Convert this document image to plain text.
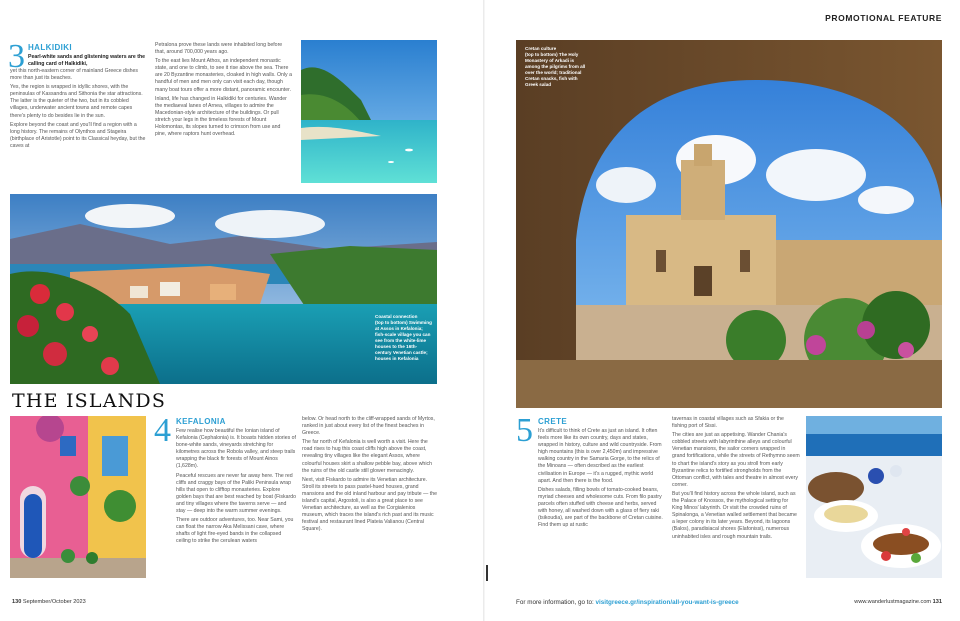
PROMOTIONAL FEATURE
3 HALKIDIKI
Pearl-white sands and glistening waters are the calling card of Halkidiki,

yet this north-eastern corner of mainland Greece dishes more than just its beaches.

Yes, the region is wrapped in idyllic shores, with the peninsulas of Kassandra and Sithonia the star attractions. The latter is the quieter of the two, but in its cobbled villages, underwater ancient towns and remote capes there's plenty to do besides lie in the sun.

Explore beyond the coast and you'll find a region with a long history. The remains of Olynthos and Stageira (birthplace of Aristotle) point to its Classical heyday, but the caves at

Petralona prove these lands were inhabited long before that, around 700,000 years ago.

To the east lies Mount Athos, an independent monastic state, and one to climb, to see it rise above the sea. There are 20 Byzantine monasteries, cloaked in high walls. Only a handful of men and men only can visit each day, though many boat tours offer a more distant, panoramic encounter.

Inland, life has changed in Halkidiki for centuries. Wander the mediaeval lanes of Arnea, villages to admire the Macedonian-style architecture of the buildings. Or pull stretch your legs in the timeless forests of Mount Holomontas, its slopes turned to crimson from use and pine, where raptors hunt overhead.

Coastal connection
(top to bottom) Swimming at Assos in Kefalonia; fish-scale village you can see from the white-lime houses to the 16th-century Venetian castle; houses in Kefalonia
THE ISLANDS
4 KEFALONIA

Few realise how beautiful the Ionian island of Kefalonia (Cephalonia) is. It boasts hidden stories of bone-white sands, vineyards stretching for kilometres across the Robola valley, and steep trails wrapping the black fir forests of Mount Ainos (1,628m).

Peaceful rescues are never far away here. The red cliffs and craggy bays of the Paliki Peninsula wrap hills that open to clifftop monasteries. Explore golden bays that are best reached by boat (Fiskardo and tiny villages where the taverns serve — and stay — deep into the warm summer evenings.

There are outdoor adventures, too. Near Sami, you can float the narrow Aka Melissani cave, where shafts of light fire-eyed bands in the collapsed ceiling to strike the cerulean waters

below. Or head north to the cliff-wrapped sands of Myrtos, ranked in just about every list of the finest beaches in Greece.

The far north of Kefalonia is well worth a visit. Here the road rises to hug this coast cliffs high above the coast, revealing tiny villages like the elegant Assos, where colourful houses skirt a shallow pebble bay, above which the ruins of the old castle still glower menacingly.

Next, visit Fiskardo to admire its Venetian architecture. Stroll its streets to pass pastel-hued houses, grand mansions and the old inland harbour and pay tribute — the island's capital, Argostoli, is also a great place to see Venetian architecture, as well as the Corgialenios museum, which traces the island's rich past and its music festival and restaurant lined Plateia Valianou (Central Square).

Cretan culture
(top to bottom) The Holy Monastery of Arkadi is among the pilgrims from all over the world; traditional Cretan snacks, fish with Greek salad
5 CRETE

It's difficult to think of Crete as just an island. It often feels more like its own country, days and states, wrapped in history, culture and wild countryside. From high mountains (this is over 2,450m) and impressive walking country in the Samaria Gorge, to the relics of the Minoans — often described as the earliest civilisation in Europe — it's a rugged, mythic world apart. And then there is the food.

Dishes salads, filling bowls of tomato-cooked beans, myriad cheeses and wholesome cuts. From filo pastry parcels often stuffed with cheese and herbs, served with honey, all washed down with a glass of fiery raki (tsikoudia), are part of the backbone of Cretan cuisine. Find them up at rustic

tavernas in coastal villages such as Sfakia or the fishing port of Sissi.

The cities are just as appetising. Wander Chania's cobbled streets with labyrinthine alleys and colourful Venetian mansions, the sailor corners wrapped in grand fortifications, while the streets of Rethymno seem to chart the island's story as you stroll from early Byzantine relics to fortified strongholds from the Ottoman conflict, with tales and theatre in almost every corner.

But you'll find history across the whole island, such as the Palace of Knossos, the mythological setting for King Minos' labyrinth. Or visit the crowded ruins of Spinalonga, a Venetian walled settlement that became a leper colony in its later years. Beyond, its lagoons (Balos), paradisiacal shores (Elafonissi), numerous uninhabited isles and rough mountain trails.

130 September/October 2023	For more information, go to: visitgreece.gr/inspiration/all-you-want-is-greece	www.wanderlustmagazine.com 131
